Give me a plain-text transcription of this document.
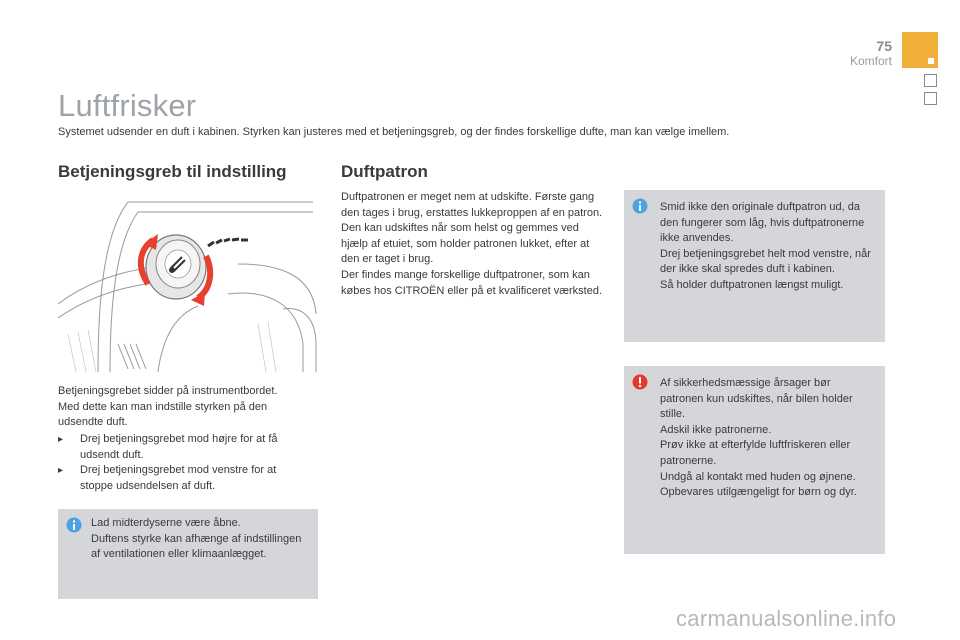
75
Komfort
Luftfrisker
Systemet udsender en duft i kabinen. Styrken kan justeres med et betjeningsgreb, og der findes forskellige dufte, man kan vælge imellem.
Betjeningsgreb til indstilling

Betjeningsgrebet sidder på instrumentbordet.

Med dette kan man indstille styrken på den udsendte duft.

▸ Drej betjeningsgrebet mod højre for at få udsendt duft.
▸ Drej betjeningsgrebet mod venstre for at stoppe udsendelsen af duft.

Lad midterdyserne være åbne.

Duftens styrke kan afhænge af indstillingen af ventilationen eller klimaanlægget.

Duftpatron

Duftpatronen er meget nem at udskifte. Første gang den tages i brug, erstattes lukkeproppen af en patron.

Den kan udskiftes når som helst og gemmes ved hjælp af etuiet, som holder patronen lukket, efter at den er taget i brug.

Der findes mange forskellige duftpatroner, som kan købes hos CITROËN eller på et kvalificeret værksted.

Smid ikke den originale duftpatron ud, da den fungerer som låg, hvis duftpatronerne ikke anvendes.

Drej betjeningsgrebet helt mod venstre, når der ikke skal spredes duft i kabinen.

Så holder duftpatronen længst muligt.

Af sikkerhedsmæssige årsager bør patronen kun udskiftes, når bilen holder stille.

Adskil ikke patronerne.

Prøv ikke at efterfylde luftfriskeren eller patronerne.

Undgå al kontakt med huden og øjnene.

Opbevares utilgængeligt for børn og dyr.

carmanualsonline.info
